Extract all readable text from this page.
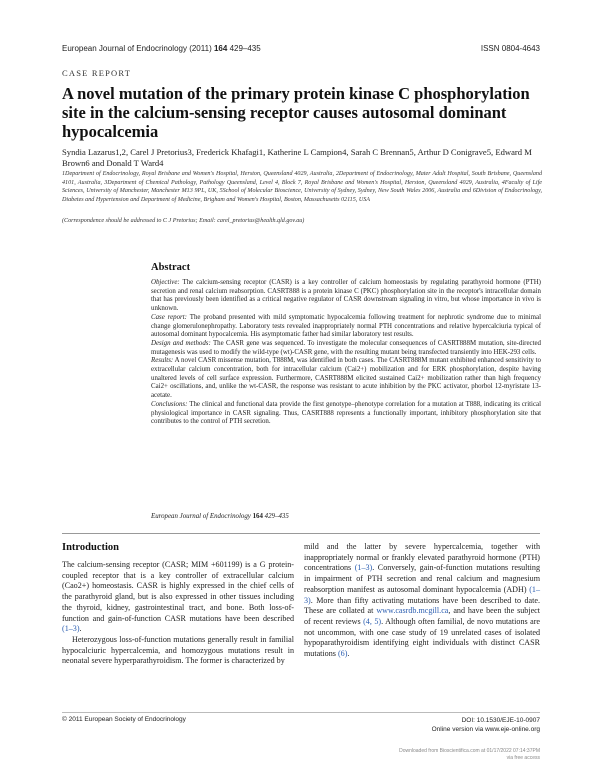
European Journal of Endocrinology (2011) 164 429–435	ISSN 0804-4643
CASE REPORT
A novel mutation of the primary protein kinase C phosphorylation site in the calcium-sensing receptor causes autosomal dominant hypocalcemia
Syndia Lazarus1,2, Carel J Pretorius3, Frederick Khafagi1, Katherine L Campion4, Sarah C Brennan5, Arthur D Conigrave5, Edward M Brown6 and Donald T Ward4
1Department of Endocrinology, Royal Brisbane and Women's Hospital, Herston, Queensland 4029, Australia, 2Department of Endocrinology, Mater Adult Hospital, South Brisbane, Queensland 4101, Australia, 3Department of Chemical Pathology, Pathology Queensland, Level 4, Block 7, Royal Brisbane and Women's Hospital, Herston, Queensland 4029, Australia, 4Faculty of Life Sciences, University of Manchester, Manchester M13 9PL, UK, 5School of Molecular Bioscience, University of Sydney, Sydney, New South Wales 2006, Australia and 6Division of Endocrinology, Diabetes and Hypertension and Department of Medicine, Brigham and Women's Hospital, Boston, Massachusetts 02115, USA
(Correspondence should be addressed to C J Pretorius; Email: carel_pretorius@health.qld.gov.au)
Abstract

Objective: The calcium-sensing receptor (CASR) is a key controller of calcium homeostasis by regulating parathyroid hormone (PTH) secretion and renal calcium reabsorption. CASRT888 is a protein kinase C (PKC) phosphorylation site in the receptor's intracellular domain that has previously been identified as a critical negative regulator of CASR downstream signaling in vitro, but whose importance in vivo is unknown.

Case report: The proband presented with mild symptomatic hypocalcemia following treatment for nephrotic syndrome due to minimal change glomerulonephropathy. Laboratory tests revealed inappropriately normal PTH concentrations and relative hypercalciuria typical of autosomal dominant hypocalcemia. His asymptomatic father had similar laboratory test results.

Design and methods: The CASR gene was sequenced. To investigate the molecular consequences of CASRT888M mutation, site-directed mutagenesis was used to modify the wild-type (wt)-CASR gene, with the resulting mutant being transfected transiently into HEK-293 cells.

Results: A novel CASR missense mutation, T888M, was identified in both cases. The CASRT888M mutant exhibited enhanced sensitivity to extracellular calcium concentration, both for intracellular calcium (Cai2+) mobilization and for ERK phosphorylation, despite having unaltered levels of cell surface expression. Furthermore, CASRT888M elicited sustained Cai2+ mobilization rather than high frequency Cai2+ oscillations, and, unlike the wt-CASR, the response was resistant to acute inhibition by the PKC activator, phorbol 12-myristate 13-acetate.

Conclusions: The clinical and functional data provide the first genotype–phenotype correlation for a mutation at T888, indicating its critical physiological importance in CASR signaling. Thus, CASRT888 represents a functionally important, inhibitory phosphorylation site that contributes to the control of PTH secretion.

European Journal of Endocrinology 164 429–435
Introduction

The calcium-sensing receptor (CASR; MIM +601199) is a G protein-coupled receptor that is a key controller of extracellular calcium (Cao2+) homeostasis. CASR is highly expressed in the chief cells of the parathyroid gland, but is also expressed in other tissues including the thyroid, kidney, gastrointestinal tract, and bone. Both loss-of-function and gain-of-function CASR mutations have been described (1–3).

Heterozygous loss-of-function mutations generally result in familial hypocalciuric hypercalcemia, and homozygous mutations result in neonatal severe hyperparathyroidism. The former is characterized by

mild and the latter by severe hypercalcemia, together with inappropriately normal or frankly elevated parathyroid hormone (PTH) concentrations (1–3). Conversely, gain-of-function mutations resulting in impairment of PTH secretion and renal calcium and magnesium reabsorption manifest as autosomal dominant hypocalcemia (ADH) (1–3). More than fifty activating mutations have been described to date. These are collated at www.casrdb.mcgill.ca, and have been the subject of recent reviews (4, 5). Although often familial, de novo mutations are not uncommon, with one case study of 19 unrelated cases of isolated hypoparathyroidism identifying eight individuals with distinct CASR mutations (6).

© 2011 European Society of Endocrinology	DOI: 10.1530/EJE-10-0907
Online version via www.eje-online.org
Downloaded from Bioscientifica.com at 01/17/2022 07:14:37PM
via free access
